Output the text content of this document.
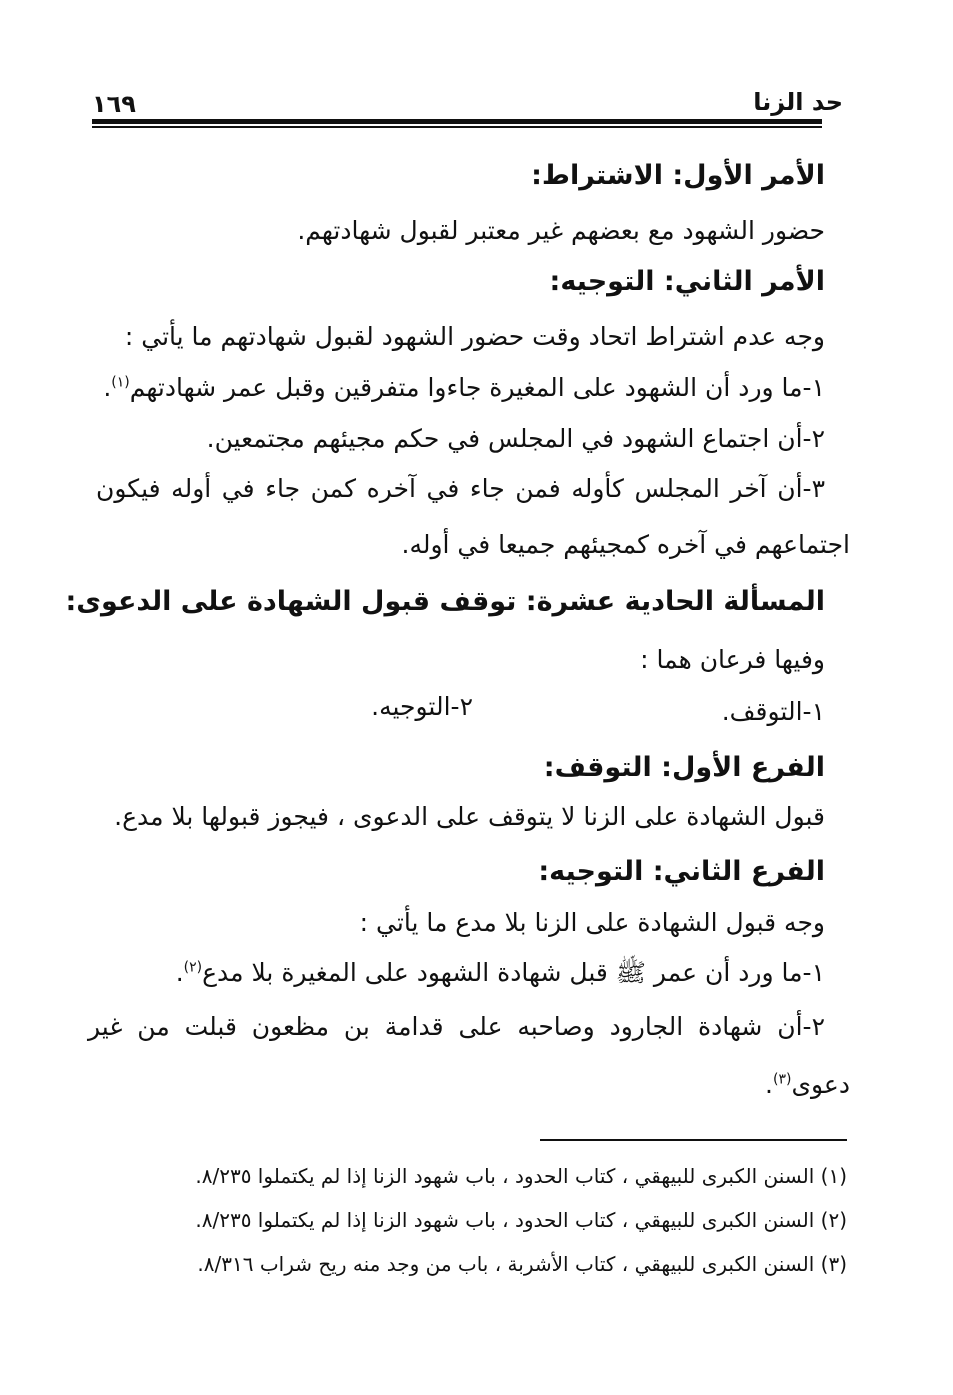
حد الزنا
١٦٩
الأمر الأول: الاشتراط:
حضور الشهود مع بعضهم غير معتبر لقبول شهادتهم.
الأمر الثاني: التوجيه:
وجه عدم اشتراط اتحاد وقت حضور الشهود لقبول شهادتهم ما يأتي :
١-ما ورد أن الشهود على المغيرة جاءوا متفرقين وقبل عمر شهادتهم$^{(١)}$.
٢-أن اجتماع الشهود في المجلس في حكم مجيئهم مجتمعين.
٣-أن آخر المجلس كأوله فمن جاء في آخره كمن جاء في أوله فيكون
اجتماعهم في آخره كمجيئهم جميعا في أوله.
المسألة الحادية عشرة: توقف قبول الشهادة على الدعوى:
وفيها فرعان هما :
١-التوقف.
٢-التوجيه.
الفرع الأول: التوقف:
قبول الشهادة على الزنا لا يتوقف على الدعوى ، فيجوز قبولها بلا مدع.
الفرع الثاني: التوجيه:
وجه قبول الشهادة على الزنا بلا مدع ما يأتي :
١-ما ورد أن عمر ﷺ قبل شهادة الشهود على المغيرة بلا مدع$^{(٢)}$.
٢-أن شهادة الجارود وصاحبه على قدامة بن مظعون قبلت من غير
دعوى$^{(٣)}$.
(١) السنن الكبرى للبيهقي ، كتاب الحدود ، باب شهود الزنا إذا لم يكتملوا ٨/٢٣٥.
(٢) السنن الكبرى للبيهقي ، كتاب الحدود ، باب شهود الزنا إذا لم يكتملوا ٨/٢٣٥.
(٣) السنن الكبرى للبيهقي ، كتاب الأشربة ، باب من وجد منه ريح شراب ٨/٣١٦.
